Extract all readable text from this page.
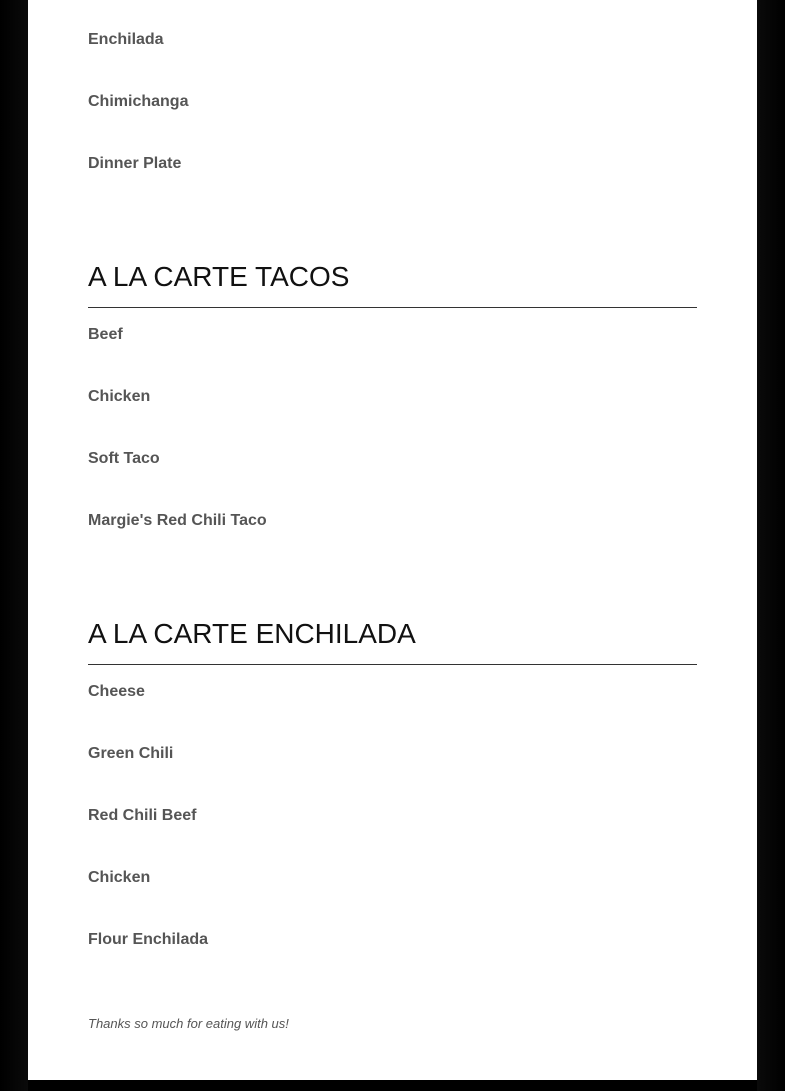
Enchilada

Chimichanga

Dinner Plate

A LA CARTE TACOS

Beef

Chicken

Soft Taco

Margie's Red Chili Taco

A LA CARTE ENCHILADA

Cheese

Green Chili

Red Chili Beef

Chicken

Flour Enchilada

Thanks so much for eating with us!
